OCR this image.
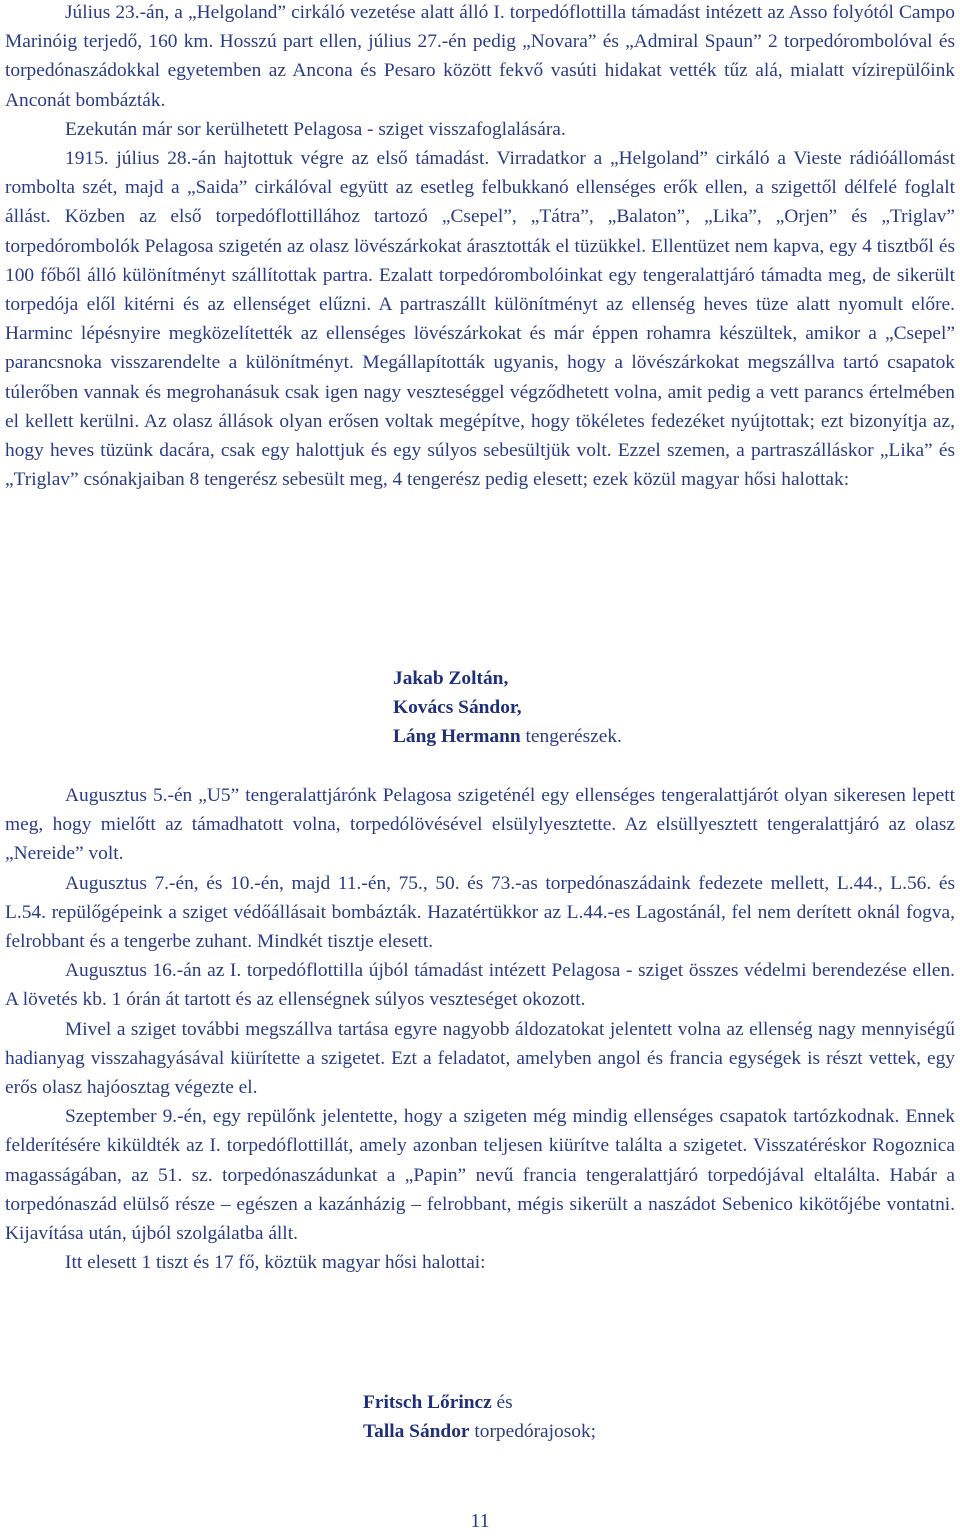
Július 23.-án, a „Helgoland” cirkáló vezetése alatt álló I. torpedóflottilla támadást intézett az Asso folyótól Campo Marinóig terjedő, 160 km. Hosszú part ellen, július 27.-én pedig „Novara” és „Admiral Spaun” 2 torpedórombolóval és torpedónaszádokkal egyetemben az Ancona és Pesaro között fekvő vasúti hidakat vették tűz alá, mialatt vízirepülőink Anconát bombázták.

Ezekután már sor kerülhetett Pelagosa - sziget visszafoglalására.

1915. július 28.-án hajtottuk végre az első támadást. Virradatkor a „Helgoland” cirkáló a Vieste rádióállomást rombolta szét, majd a „Saida” cirkálóval együtt az esetleg felbukkanó ellenséges erők ellen, a szigettől délfelé foglalt állást. Közben az első torpedóflottillához tartozó „Csepel”, „Tátra”, „Balaton”, „Lika”, „Orjen” és „Triglav” torpedórombolók Pelagosa szigetén az olasz lövészárkokat árasztották el tüzükkel. Ellentüzet nem kapva, egy 4 tisztből és 100 főből álló különítményt szállítottak partra. Ezalatt torpedórombolóinkat egy tengeralattjáró támadta meg, de sikerült torpedója elől kitérni és az ellenséget elűzni. A partraszállt különítményt az ellenség heves tüze alatt nyomult előre. Harminc lépésnyire megközelítették az ellenséges lövészárkokat és már éppen rohamra készültek, amikor a „Csepel” parancsnoka visszarendelte a különítményt. Megállapították ugyanis, hogy a lövészárkokat megszállva tartó csapatok túlerőben vannak és megrohanásuk csak igen nagy veszteséggel végződhetett volna, amit pedig a vett parancs értelmében el kellett kerülni. Az olasz állások olyan erősen voltak megépítve, hogy tökéletes fedezéket nyújtottak; ezt bizonyítja az, hogy heves tüzünk dacára, csak egy halottjuk és egy súlyos sebesültjük volt. Ezzel szemen, a partraszálláskor „Lika” és „Triglav” csónakjaiban 8 tengerész sebesült meg, 4 tengerész pedig elesett; ezek közül magyar hősi halottak:

Jakab Zoltán,

Kovács Sándor,

Láng Hermann tengerészek.

Augusztus 5.-én „U5” tengeralattjárónk Pelagosa szigeténél egy ellenséges tengeralattjárót olyan sikeresen lepett meg, hogy mielőtt az támadhatott volna, torpedólövésével elsülylyesztette. Az elsüllyesztett tengeralattjáró az olasz „Nereide” volt.

Augusztus 7.-én, és 10.-én, majd 11.-én, 75., 50. és 73.-as torpedónaszádaink fedezete mellett, L.44., L.56. és L.54. repülőgépeink a sziget védőállásait bombázták. Hazatértükkor az L.44.-es Lagostánál, fel nem derített oknál fogva, felrobbant és a tengerbe zuhant. Mindkét tisztje elesett.

Augusztus 16.-án az I. torpedóflottilla újból támadást intézett Pelagosa - sziget összes védelmi berendezése ellen. A lövetés kb. 1 órán át tartott és az ellenségnek súlyos veszteséget okozott.

Mivel a sziget további megszállva tartása egyre nagyobb áldozatokat jelentett volna az ellenség nagy mennyiségű hadianyag visszahagyásával kiürítette a szigetet. Ezt a feladatot, amelyben angol és francia egységek is részt vettek, egy erős olasz hajóosztag végezte el.

Szeptember 9.-én, egy repülőnk jelentette, hogy a szigeten még mindig ellenséges csapatok tartózkodnak. Ennek felderítésére kiküldték az I. torpedóflottillát, amely azonban teljesen kiürítve találta a szigetet. Visszatéréskor Rogoznica magasságában, az 51. sz. torpedónaszádunkat a „Papin” nevű francia tengeralattjáró torpedójával eltalálta. Habár a torpedónaszád elülső része – egészen a kazánházig – felrobbant, mégis sikerült a naszádot Sebenico kikötőjébe vontatni. Kijavítása után, újból szolgálatba állt.

Itt elesett 1 tiszt és 17 fő, köztük magyar hősi halottai:

Fritsch Lőrincz és

Talla Sándor torpedórajosok;

11
